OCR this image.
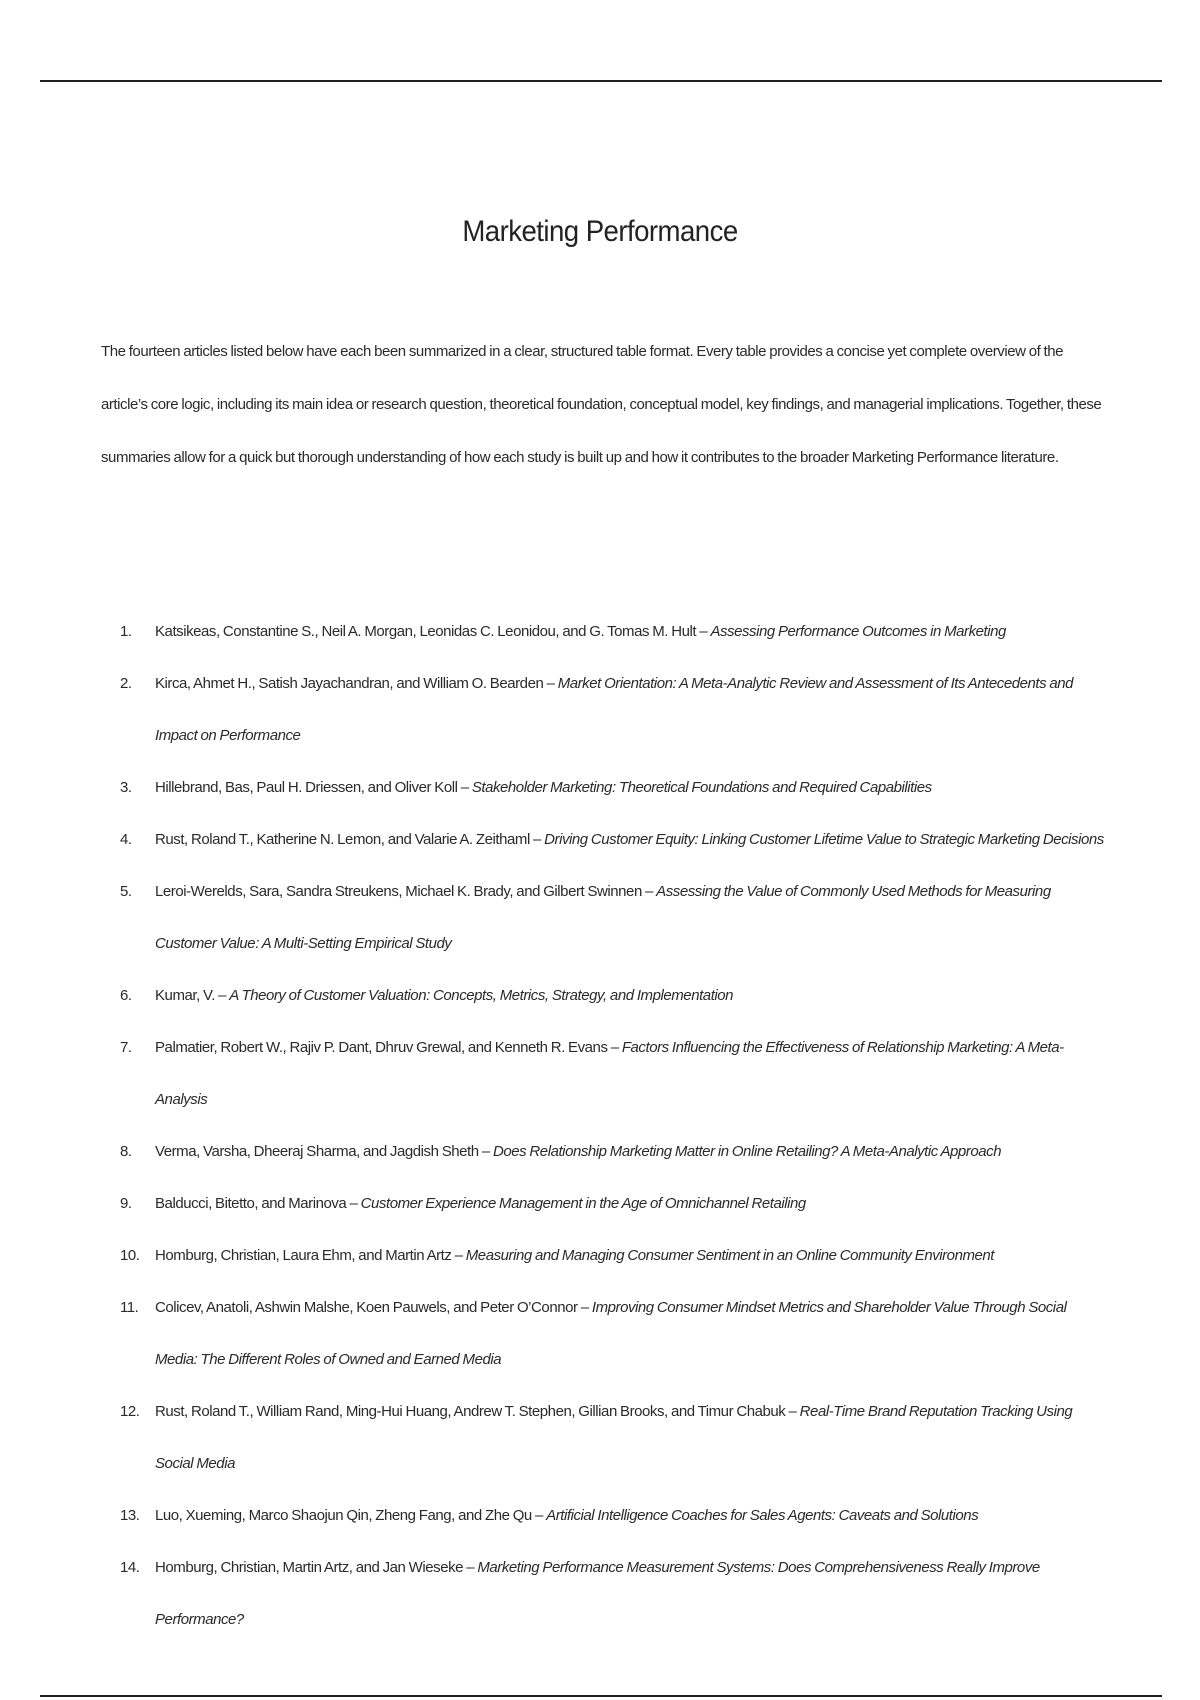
Marketing Performance

The fourteen articles listed below have each been summarized in a clear, structured table format. Every table provides a concise yet complete overview of the article’s core logic, including its main idea or research question, theoretical foundation, conceptual model, key findings, and managerial implications. Together, these summaries allow for a quick but thorough understanding of how each study is built up and how it contributes to the broader Marketing Performance literature.

1.	Katsikeas, Constantine S., Neil A. Morgan, Leonidas C. Leonidou, and G. Tomas M. Hult – Assessing Performance Outcomes in Marketing
2.	Kirca, Ahmet H., Satish Jayachandran, and William O. Bearden – Market Orientation: A Meta-Analytic Review and Assessment of Its Antecedents and Impact on Performance
3.	Hillebrand, Bas, Paul H. Driessen, and Oliver Koll – Stakeholder Marketing: Theoretical Foundations and Required Capabilities
4.	Rust, Roland T., Katherine N. Lemon, and Valarie A. Zeithaml – Driving Customer Equity: Linking Customer Lifetime Value to Strategic Marketing Decisions
5.	Leroi-Werelds, Sara, Sandra Streukens, Michael K. Brady, and Gilbert Swinnen – Assessing the Value of Commonly Used Methods for Measuring Customer Value: A Multi-Setting Empirical Study
6.	Kumar, V. – A Theory of Customer Valuation: Concepts, Metrics, Strategy, and Implementation
7.	Palmatier, Robert W., Rajiv P. Dant, Dhruv Grewal, and Kenneth R. Evans – Factors Influencing the Effectiveness of Relationship Marketing: A Meta-Analysis
8.	Verma, Varsha, Dheeraj Sharma, and Jagdish Sheth – Does Relationship Marketing Matter in Online Retailing? A Meta-Analytic Approach
9.	Balducci, Bitetto, and Marinova – Customer Experience Management in the Age of Omnichannel Retailing
10.	Homburg, Christian, Laura Ehm, and Martin Artz – Measuring and Managing Consumer Sentiment in an Online Community Environment
11.	Colicev, Anatoli, Ashwin Malshe, Koen Pauwels, and Peter O’Connor – Improving Consumer Mindset Metrics and Shareholder Value Through Social Media: The Different Roles of Owned and Earned Media
12.	Rust, Roland T., William Rand, Ming-Hui Huang, Andrew T. Stephen, Gillian Brooks, and Timur Chabuk – Real-Time Brand Reputation Tracking Using Social Media
13.	Luo, Xueming, Marco Shaojun Qin, Zheng Fang, and Zhe Qu – Artificial Intelligence Coaches for Sales Agents: Caveats and Solutions
14.	Homburg, Christian, Martin Artz, and Jan Wieseke – Marketing Performance Measurement Systems: Does Comprehensiveness Really Improve Performance?
